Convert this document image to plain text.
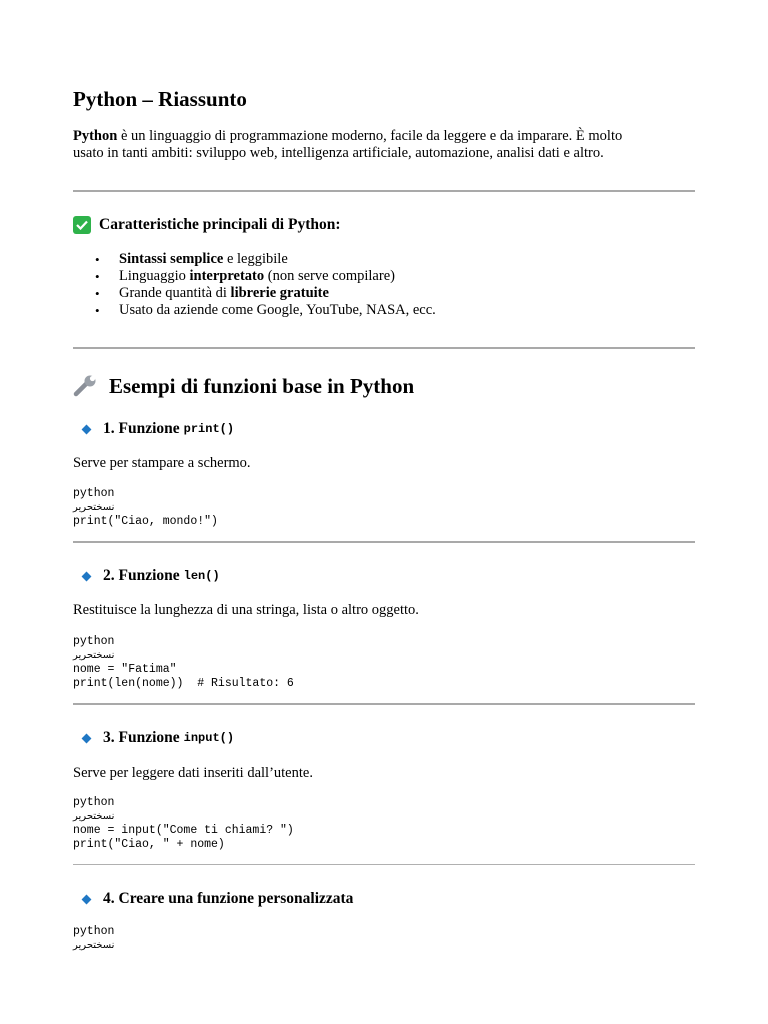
Python – Riassunto

Python è un linguaggio di programmazione moderno, facile da leggere e da imparare. È molto

usato in tanti ambiti: sviluppo web, intelligenza artificiale, automazione, analisi dati e altro.

Caratteristiche principali di Python:
• Sintassi semplice e leggibile
• Linguaggio interpretato (non serve compilare)
• Grande quantità di librerie gratuite
• Usato da aziende come Google, YouTube, NASA, ecc.
Esempi di funzioni base in Python
1. Funzione print()

Serve per stampare a schermo.

python
نسختحرير
print("Ciao, mondo!")
2. Funzione len()

Restituisce la lunghezza di una stringa, lista o altro oggetto.

python
نسختحرير
nome = "Fatima"
print(len(nome))  # Risultato: 6
3. Funzione input()

Serve per leggere dati inseriti dall’utente.

python
نسختحرير
nome = input("Come ti chiami? ")
print("Ciao, " + nome)
4. Creare una funzione personalizzata
python
نسختحرير
